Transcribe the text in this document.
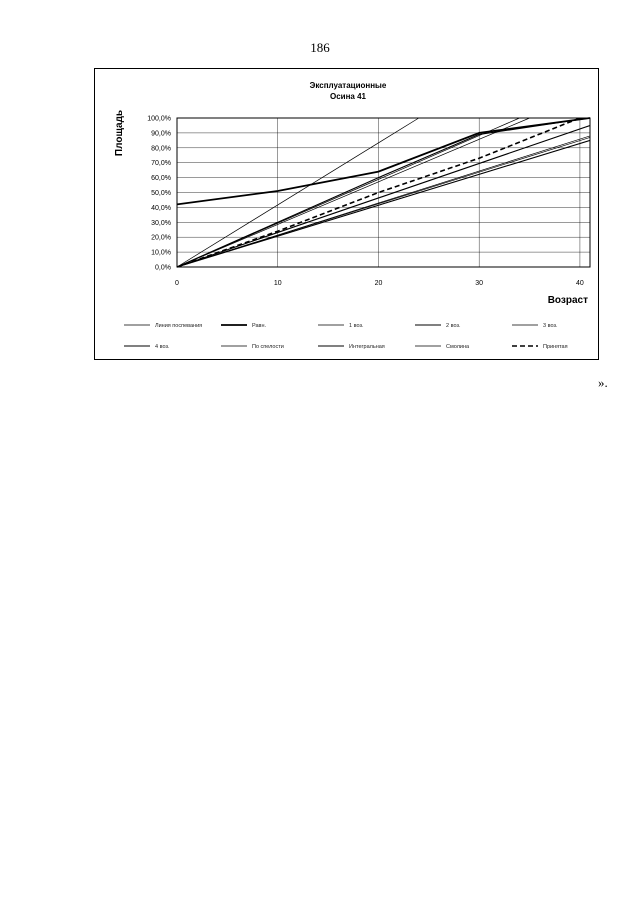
186
Эксплуатационные
Осина 41
0,0%
10,0%
20,0%
30,0%
40,0%
50,0%
60,0%
70,0%
80,0%
90,0%
100,0%
0	10	20	30	40
Площадь
Возраст
Линия поспевания	Равн.	1 воз.	2 воз.	3 воз.
4 воз.	По спелости	Интегральная	Смолина	Принятая
».
